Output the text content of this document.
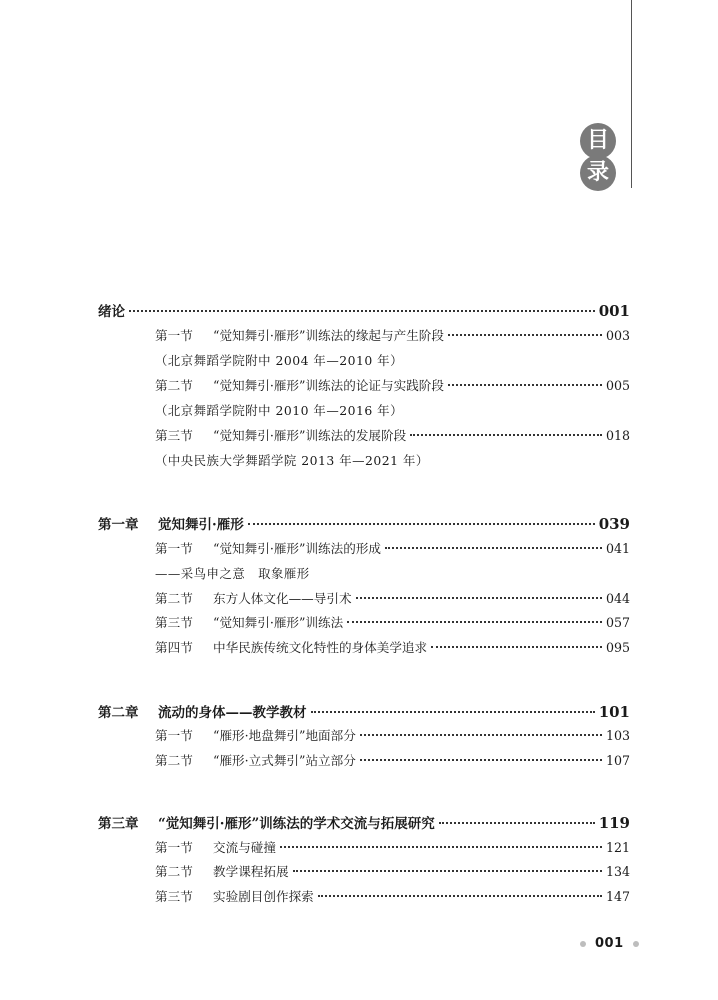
目
录
绪论	001
第一节	“觉知舞引·雁形”训练法的缘起与产生阶段	003
（北京舞蹈学院附中 2004 年—2010 年）
第二节	“觉知舞引·雁形”训练法的论证与实践阶段	005
（北京舞蹈学院附中 2010 年—2016 年）
第三节	“觉知舞引·雁形”训练法的发展阶段	018
（中央民族大学舞蹈学院 2013 年—2021 年）
第一章	觉知舞引·雁形	039
第一节	“觉知舞引·雁形”训练法的形成	041
——采鸟申之意　取象雁形
第二节	东方人体文化——导引术	044
第三节	“觉知舞引·雁形”训练法	057
第四节	中华民族传统文化特性的身体美学追求	095
第二章	流动的身体——教学教材	101
第一节	“雁形·地盘舞引”地面部分	103
第二节	“雁形·立式舞引”站立部分	107
第三章	“觉知舞引·雁形”训练法的学术交流与拓展研究	119
第一节	交流与碰撞	121
第二节	教学课程拓展	134
第三节	实验剧目创作探索	147
001
